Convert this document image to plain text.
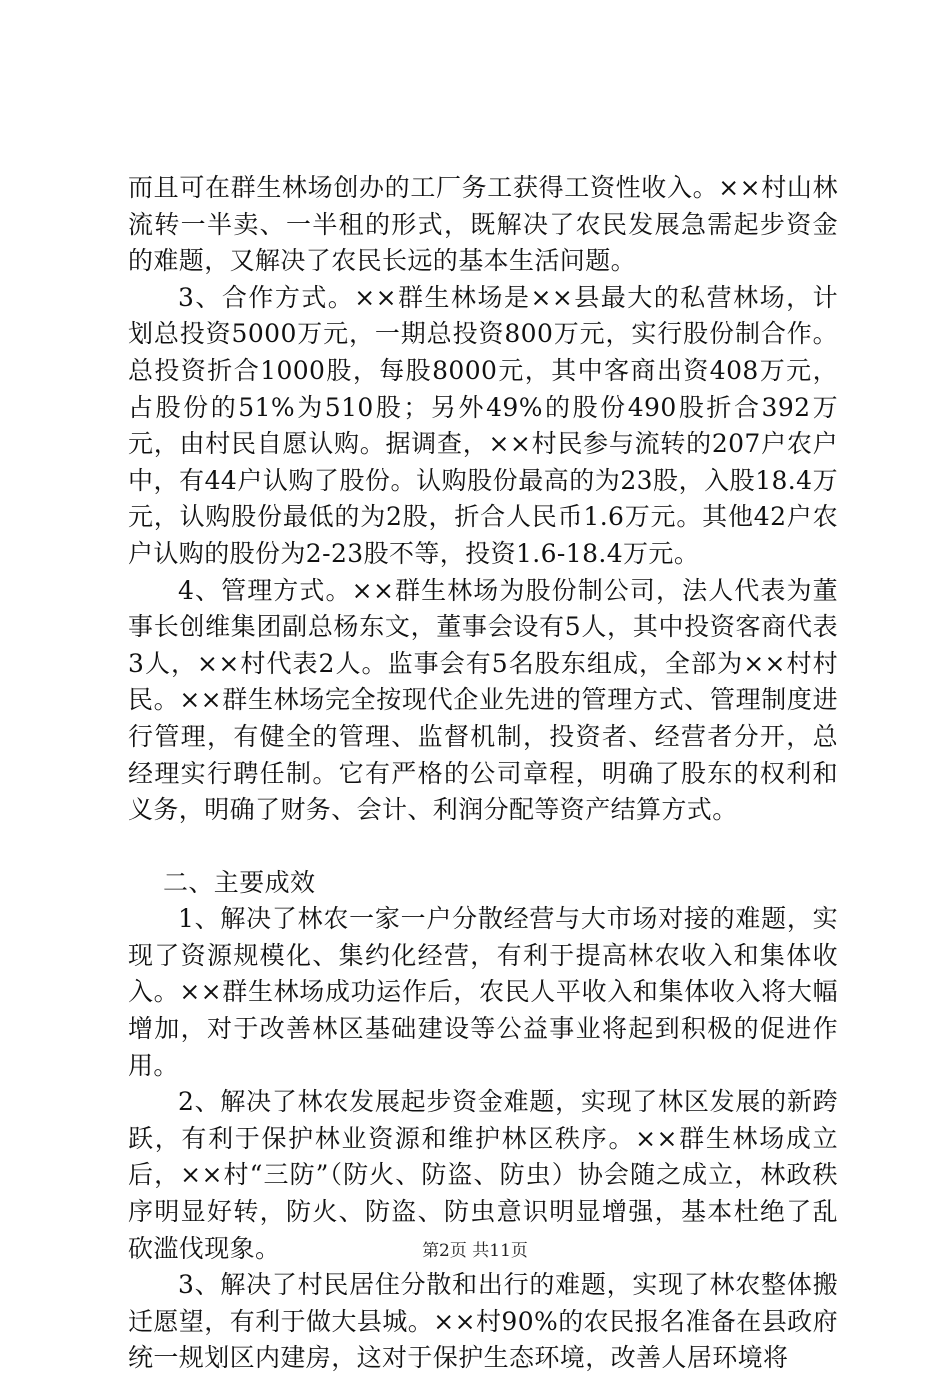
而且可在群生林场创办的工厂务工获得工资性收入。××村山林流转一半卖、一半租的形式，既解决了农民发展急需起步资金的难题，又解决了农民长远的基本生活问题。

3、合作方式。××群生林场是××县最大的私营林场，计划总投资5000万元，一期总投资800万元，实行股份制合作。总投资折合1000股，每股8000元，其中客商出资408万元，占股份的51%为510股；另外49%的股份490股折合392万元，由村民自愿认购。据调查，××村民参与流转的207户农户中，有44户认购了股份。认购股份最高的为23股，入股18.4万元，认购股份最低的为2股，折合人民币1.6万元。其他42户农户认购的股份为2-23股不等，投资1.6-18.4万元。

4、管理方式。××群生林场为股份制公司，法人代表为董事长创维集团副总杨东文，董事会设有5人，其中投资客商代表3人，××村代表2人。监事会有5名股东组成，全部为××村村民。××群生林场完全按现代企业先进的管理方式、管理制度进行管理，有健全的管理、监督机制，投资者、经营者分开，总经理实行聘任制。它有严格的公司章程，明确了股东的权利和义务，明确了财务、会计、利润分配等资产结算方式。

二、主要成效

1、解决了林农一家一户分散经营与大市场对接的难题，实现了资源规模化、集约化经营，有利于提高林农收入和集体收入。××群生林场成功运作后，农民人平收入和集体收入将大幅增加，对于改善林区基础建设等公益事业将起到积极的促进作用。

2、解决了林农发展起步资金难题，实现了林区发展的新跨跃，有利于保护林业资源和维护林区秩序。××群生林场成立后，××村“三防”（防火、防盗、防虫）协会随之成立，林政秩序明显好转，防火、防盗、防虫意识明显增强，基本杜绝了乱砍滥伐现象。

3、解决了村民居住分散和出行的难题，实现了林农整体搬迁愿望，有利于做大县城。××村90%的农民报名准备在县政府统一规划区内建房，这对于保护生态环境，改善人居环境将

第2页 共11页
